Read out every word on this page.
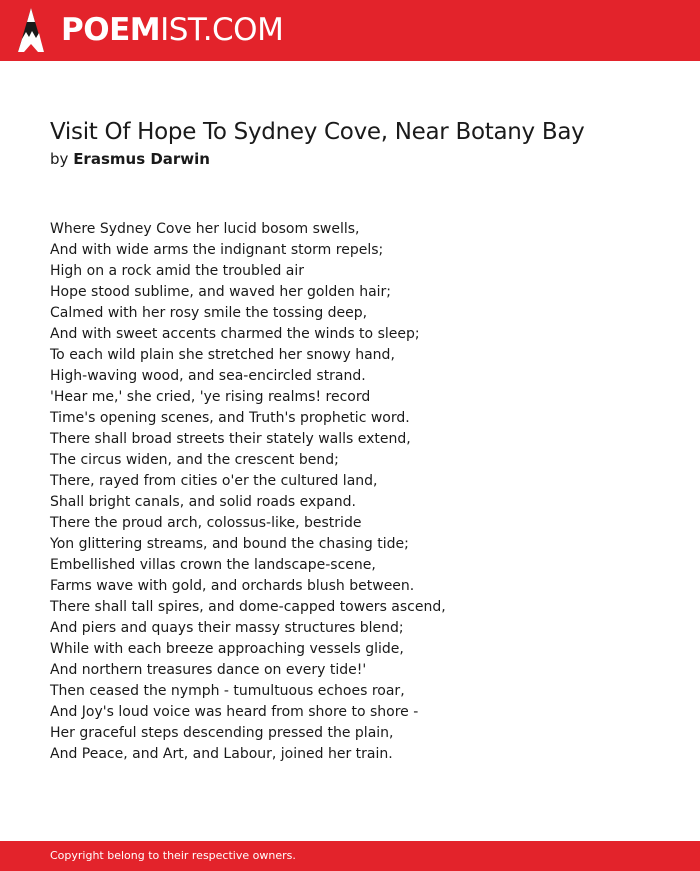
POEMIST.COM
Visit Of Hope To Sydney Cove, Near Botany Bay
by Erasmus Darwin
Where Sydney Cove her lucid bosom swells,
And with wide arms the indignant storm repels;
High on a rock amid the troubled air
Hope stood sublime, and waved her golden hair;
Calmed with her rosy smile the tossing deep,
And with sweet accents charmed the winds to sleep;
To each wild plain she stretched her snowy hand,
High-waving wood, and sea-encircled strand.
'Hear me,' she cried, 'ye rising realms! record
Time's opening scenes, and Truth's prophetic word.
There shall broad streets their stately walls extend,
The circus widen, and the crescent bend;
There, rayed from cities o'er the cultured land,
Shall bright canals, and solid roads expand.
There the proud arch, colossus-like, bestride
Yon glittering streams, and bound the chasing tide;
Embellished villas crown the landscape-scene,
Farms wave with gold, and orchards blush between.
There shall tall spires, and dome-capped towers ascend,
And piers and quays their massy structures blend;
While with each breeze approaching vessels glide,
And northern treasures dance on every tide!'
Then ceased the nymph - tumultuous echoes roar,
And Joy's loud voice was heard from shore to shore -
Her graceful steps descending pressed the plain,
And Peace, and Art, and Labour, joined her train.
Copyright belong to their respective owners.
